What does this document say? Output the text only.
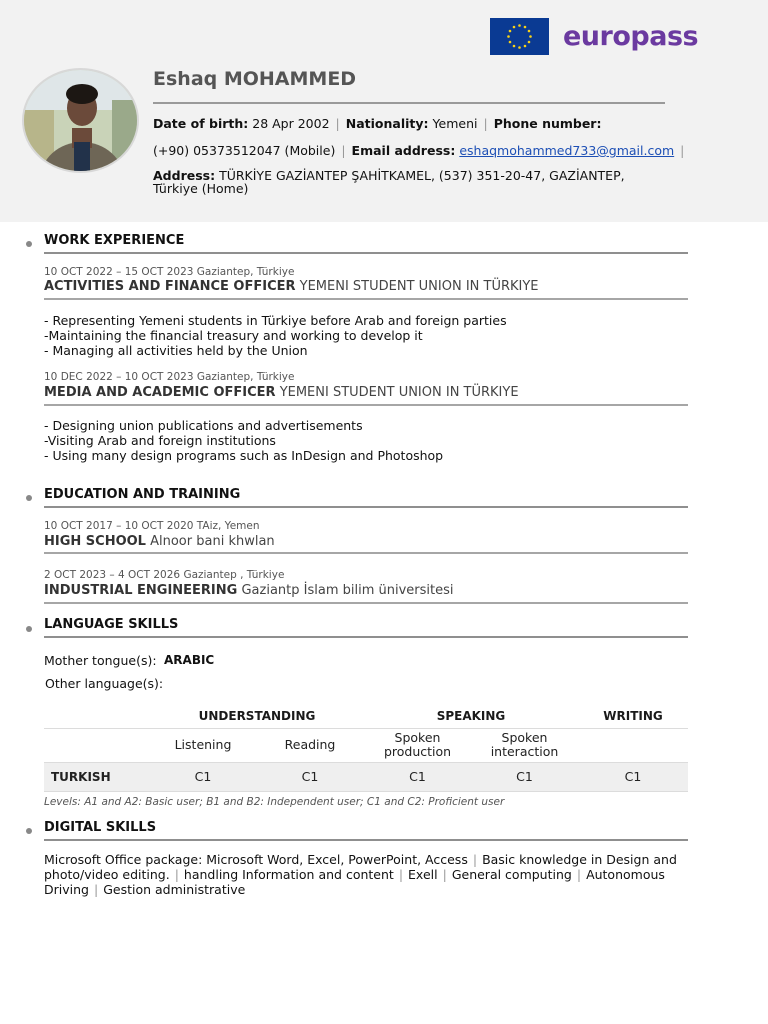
europass
Eshaq MOHAMMED
Date of birth: 28 Apr 2002 | Nationality: Yemeni | Phone number:
(+90) 05373512047 (Mobile) | Email address: eshaqmohammed733@gmail.com |
Address: TÜRKİYE GAZİANTEP ŞAHİTKAMEL, (537) 351-20-47, GAZİANTEP,
Türkiye (Home)
WORK EXPERIENCE
10 OCT 2022 – 15 OCT 2023 Gaziantep, Türkiye
ACTIVITIES AND FINANCE OFFICER YEMENI STUDENT UNION IN TÜRKIYE
- Representing Yemeni students in Türkiye before Arab and foreign parties
-Maintaining the financial treasury and working to develop it
- Managing all activities held by the Union
10 DEC 2022 – 10 OCT 2023 Gaziantep, Türkiye
MEDIA AND ACADEMIC OFFICER YEMENI STUDENT UNION IN TÜRKIYE
- Designing union publications and advertisements
-Visiting Arab and foreign institutions
- Using many design programs such as InDesign and Photoshop
EDUCATION AND TRAINING
10 OCT 2017 – 10 OCT 2020 TAiz, Yemen
HIGH SCHOOL Alnoor bani khwlan
2 OCT 2023 – 4 OCT 2026 Gaziantep , Türkiye
INDUSTRIAL ENGINEERING Gaziantp İslam bilim üniversitesi
LANGUAGE SKILLS
Mother tongue(s): ARABIC
Other language(s):
	UNDERSTANDING		SPEAKING		WRITING
	Listening	Reading	Spoken production	Spoken interaction	
TURKISH	C1	C1	C1	C1	C1
Levels: A1 and A2: Basic user; B1 and B2: Independent user; C1 and C2: Proficient user
DIGITAL SKILLS
Microsoft Office package: Microsoft Word, Excel, PowerPoint, Access | Basic knowledge in Design and photo/video editing. | handling Information and content | Exell | General computing | Autonomous Driving | Gestion administrative
